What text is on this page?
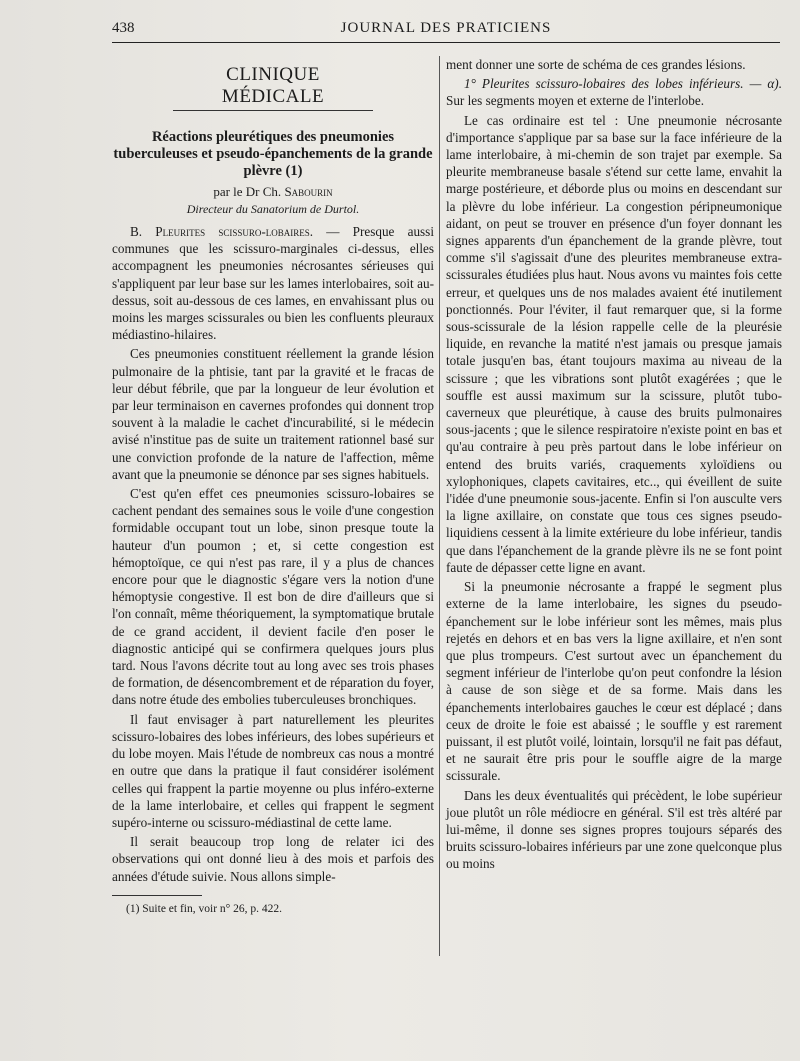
438	JOURNAL DES PRATICIENS
CLINIQUE MÉDICALE
Réactions pleurétiques des pneumonies tuberculeuses et pseudo-épanchements de la grande plèvre (1)
par le Dr Ch. Sabourin
Directeur du Sanatorium de Durtol.

B. Pleurites scissuro-lobaires. — Presque aussi communes que les scissuro-marginales ci-dessus, elles accompagnent les pneumonies nécrosantes sérieuses qui s'appliquent par leur base sur les lames interlobaires, soit au-dessus, soit au-dessous de ces lames, en envahissant plus ou moins les marges scissurales ou bien les confluents pleuraux médiastino-hilaires.

Ces pneumonies constituent réellement la grande lésion pulmonaire de la phtisie, tant par la gravité et le fracas de leur début fébrile, que par la longueur de leur évolution et par leur terminaison en cavernes profondes qui donnent trop souvent à la maladie le cachet d'incurabilité, si le médecin avisé n'institue pas de suite un traitement rationnel basé sur une conviction profonde de la nature de l'affection, même avant que la pneumonie se dénonce par ses signes habituels.

C'est qu'en effet ces pneumonies scissuro-lobaires se cachent pendant des semaines sous le voile d'une congestion formidable occupant tout un lobe, sinon presque toute la hauteur d'un poumon ; et, si cette congestion est hémoptoïque, ce qui n'est pas rare, il y a plus de chances encore pour que le diagnostic s'égare vers la notion d'une hémoptysie congestive. Il est bon de dire d'ailleurs que si l'on connaît, même théoriquement, la symptomatique brutale de ce grand accident, il devient facile d'en poser le diagnostic anticipé qui se confirmera quelques jours plus tard. Nous l'avons décrite tout au long avec ses trois phases de formation, de désencombrement et de réparation du foyer, dans notre étude des embolies tuberculeuses bronchiques.

Il faut envisager à part naturellement les pleurites scissuro-lobaires des lobes inférieurs, des lobes supérieurs et du lobe moyen. Mais l'étude de nombreux cas nous a montré en outre que dans la pratique il faut considérer isolément celles qui frappent la partie moyenne ou plus inféro-externe de la lame interlobaire, et celles qui frappent le segment supéro-interne ou scissuro-médiastinal de cette lame.

Il serait beaucoup trop long de relater ici des observations qui ont donné lieu à des mois et parfois des années d'étude suivie. Nous allons simple-

(1) Suite et fin, voir n° 26, p. 422.

ment donner une sorte de schéma de ces grandes lésions.

1° Pleurites scissuro-lobaires des lobes inférieurs. — α). Sur les segments moyen et externe de l'interlobe.

Le cas ordinaire est tel : Une pneumonie nécrosante d'importance s'applique par sa base sur la face inférieure de la lame interlobaire, à mi-chemin de son trajet par exemple. Sa pleurite membraneuse basale s'étend sur cette lame, envahit la marge postérieure, et déborde plus ou moins en descendant sur la plèvre du lobe inférieur. La congestion péripneumonique aidant, on peut se trouver en présence d'un foyer donnant les signes apparents d'un épanchement de la grande plèvre, tout comme s'il s'agissait d'une des pleurites membraneuse extra-scissurales étudiées plus haut. Nous avons vu maintes fois cette erreur, et quelques uns de nos malades avaient été inutilement ponctionnés. Pour l'éviter, il faut remarquer que, si la forme sous-scissurale de la lésion rappelle celle de la pleurésie liquide, en revanche la matité n'est jamais ou presque jamais totale jusqu'en bas, étant toujours maxima au niveau de la scissure ; que les vibrations sont plutôt exagérées ; que le souffle est aussi maximum sur la scissure, plutôt tubo-caverneux que pleurétique, à cause des bruits pulmonaires sous-jacents ; que le silence respiratoire n'existe point en bas et qu'au contraire à peu près partout dans le lobe inférieur on entend des bruits variés, craquements xyloïdiens ou xylophoniques, clapets cavitaires, etc.., qui éveillent de suite l'idée d'une pneumonie sous-jacente. Enfin si l'on ausculte vers la ligne axillaire, on constate que tous ces signes pseudo-liquidiens cessent à la limite extérieure du lobe inférieur, tandis que dans l'épanchement de la grande plèvre ils ne se font point faute de dépasser cette ligne en avant.

Si la pneumonie nécrosante a frappé le segment plus externe de la lame interlobaire, les signes du pseudo-épanchement sur le lobe inférieur sont les mêmes, mais plus rejetés en dehors et en bas vers la ligne axillaire, et n'en sont que plus trompeurs. C'est surtout avec un épanchement du segment inférieur de l'interlobe qu'on peut confondre la lésion à cause de son siège et de sa forme. Mais dans les épanchements interlobaires gauches le cœur est déplacé ; dans ceux de droite le foie est abaissé ; le souffle y est rarement puissant, il est plutôt voilé, lointain, lorsqu'il ne fait pas défaut, et ne saurait être pris pour le souffle aigre de la marge scissurale.

Dans les deux éventualités qui précèdent, le lobe supérieur joue plutôt un rôle médiocre en général. S'il est très altéré par lui-même, il donne ses signes propres toujours séparés des bruits scissuro-lobaires inférieurs par une zone quelconque plus ou moins
